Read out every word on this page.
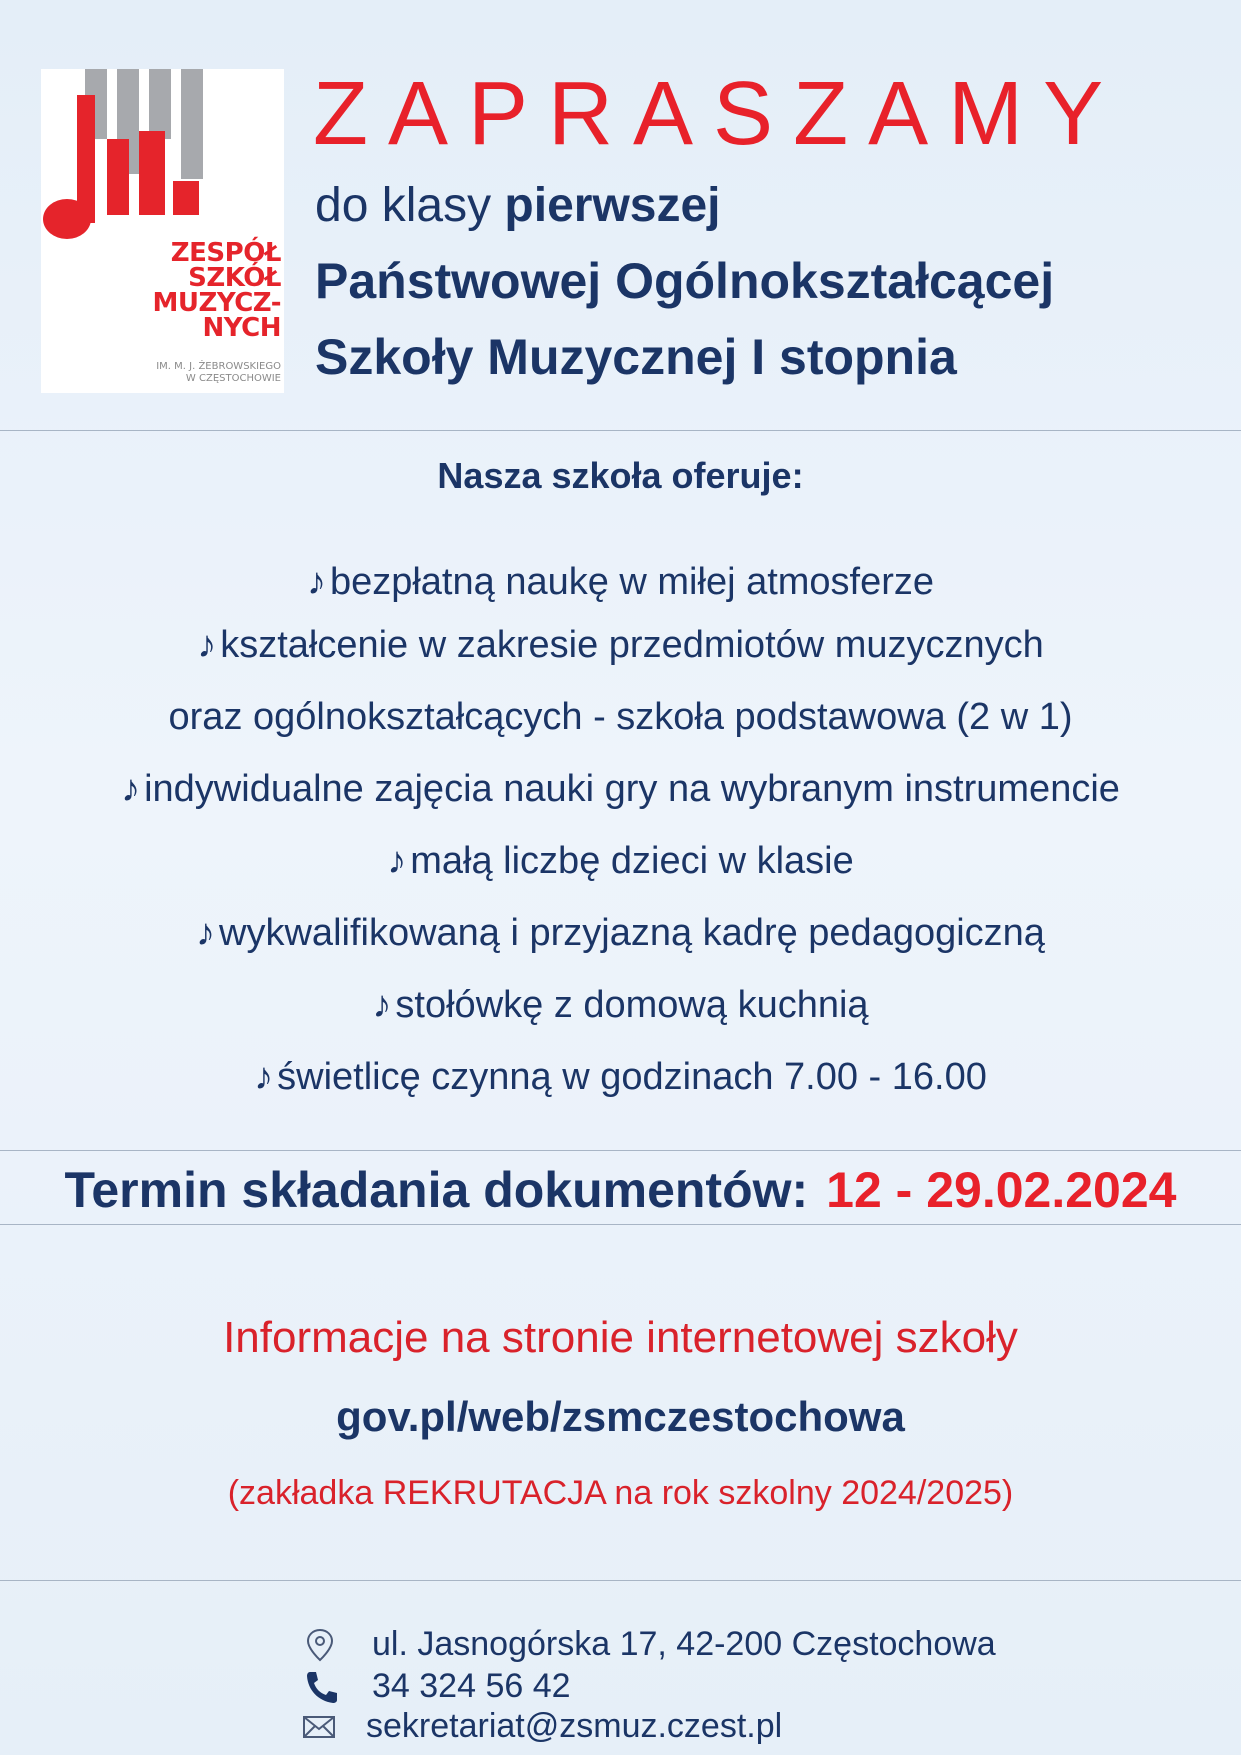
ZESPÓŁ
SZKÓŁ
MUZYCZ-
NYCH
IM. M. J. ŻEBROWSKIEGO
W CZĘSTOCHOWIE
ZAPRASZAMY
do klasy pierwszej
Państwowej Ogólnokształcącej
Szkoły Muzycznej I stopnia
Nasza szkoła oferuje:
♪ bezpłatną naukę w miłej atmosferze
♪ kształcenie w zakresie przedmiotów muzycznych
oraz ogólnokształcących - szkoła podstawowa (2 w 1)
♪ indywidualne zajęcia nauki gry na wybranym instrumencie
♪ małą liczbę dzieci w klasie
♪ wykwalifikowaną i przyjazną kadrę pedagogiczną
♪ stołówkę z domową kuchnią
♪ świetlicę czynną w godzinach 7.00 - 16.00
Termin składania dokumentów: 12 - 29.02.2024
Informacje na stronie internetowej szkoły
gov.pl/web/zsmczestochowa
(zakładka REKRUTACJA na rok szkolny 2024/2025)
ul. Jasnogórska 17, 42-200 Częstochowa
34 324 56 42
sekretariat@zsmuz.czest.pl
